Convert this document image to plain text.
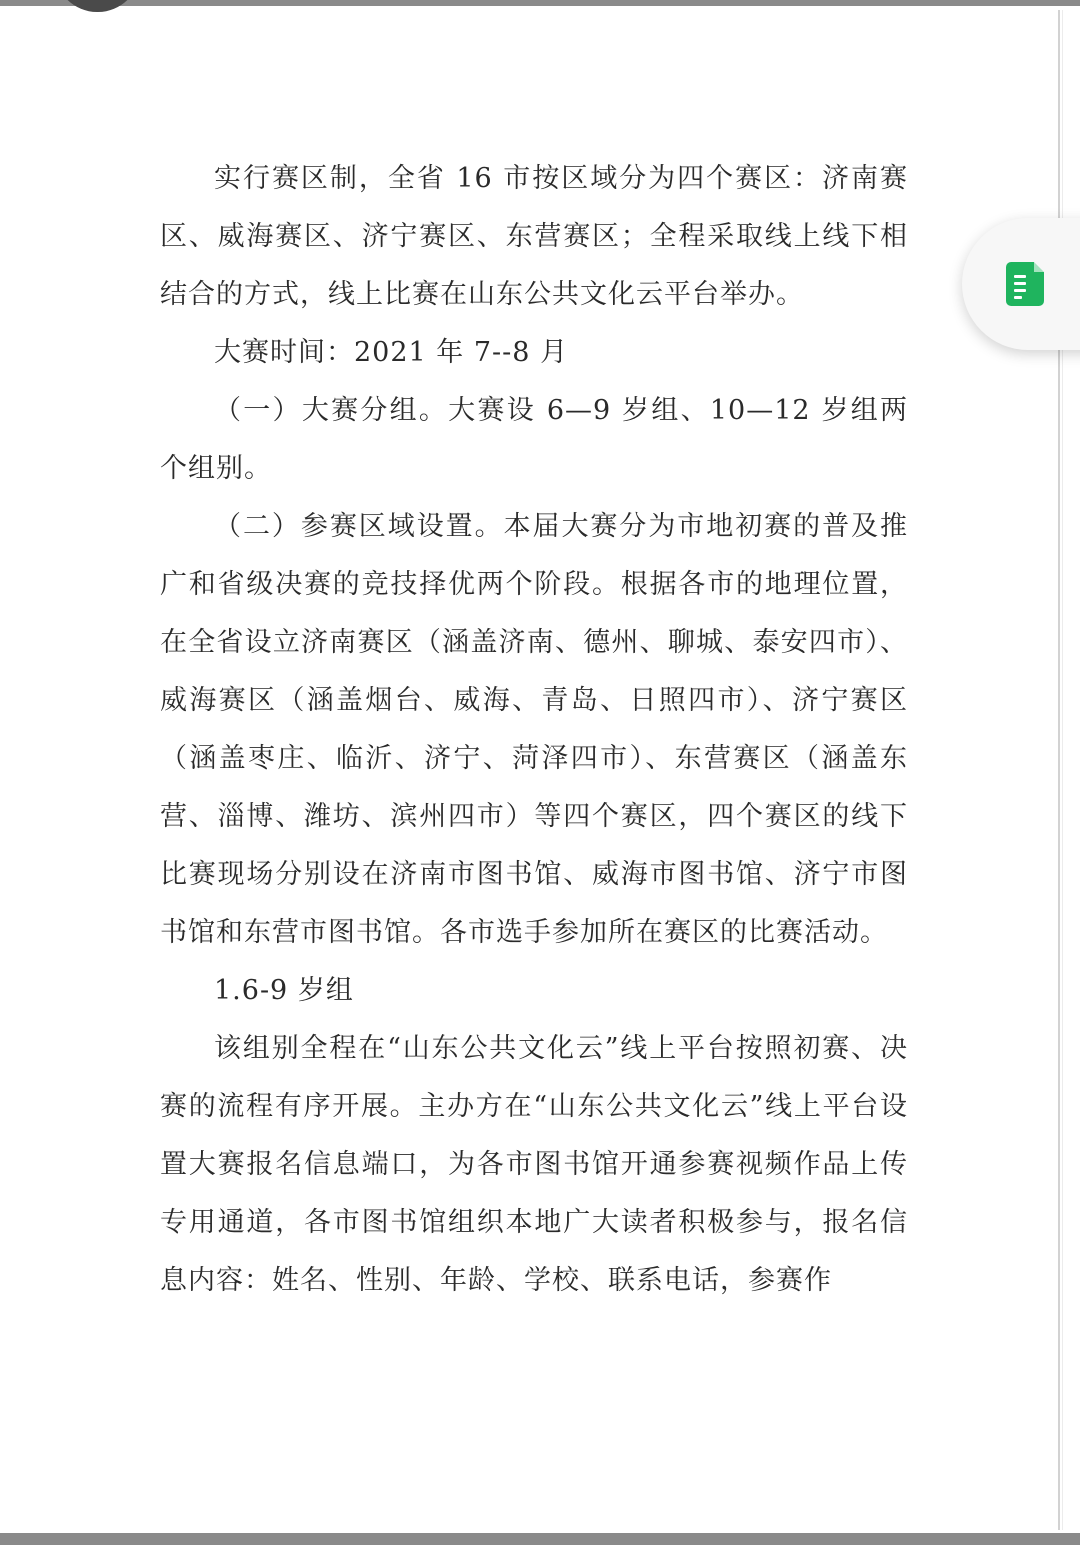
实行赛区制，全省 16 市按区域分为四个赛区：济南赛区、威海赛区、济宁赛区、东营赛区；全程采取线上线下相结合的方式，线上比赛在山东公共文化云平台举办。

大赛时间：2021 年 7--8 月

（一）大赛分组。大赛设 6—9 岁组、10—12 岁组两个组别。

（二）参赛区域设置。本届大赛分为市地初赛的普及推广和省级决赛的竞技择优两个阶段。根据各市的地理位置，在全省设立济南赛区（涵盖济南、德州、聊城、泰安四市）、威海赛区（涵盖烟台、威海、青岛、日照四市）、济宁赛区（涵盖枣庄、临沂、济宁、菏泽四市）、东营赛区（涵盖东营、淄博、潍坊、滨州四市）等四个赛区，四个赛区的线下比赛现场分别设在济南市图书馆、威海市图书馆、济宁市图书馆和东营市图书馆。各市选手参加所在赛区的比赛活动。

1.6-9 岁组

该组别全程在“山东公共文化云”线上平台按照初赛、决赛的流程有序开展。主办方在“山东公共文化云”线上平台设置大赛报名信息端口，为各市图书馆开通参赛视频作品上传专用通道，各市图书馆组织本地广大读者积极参与，报名信息内容：姓名、性别、年龄、学校、联系电话，参赛作
